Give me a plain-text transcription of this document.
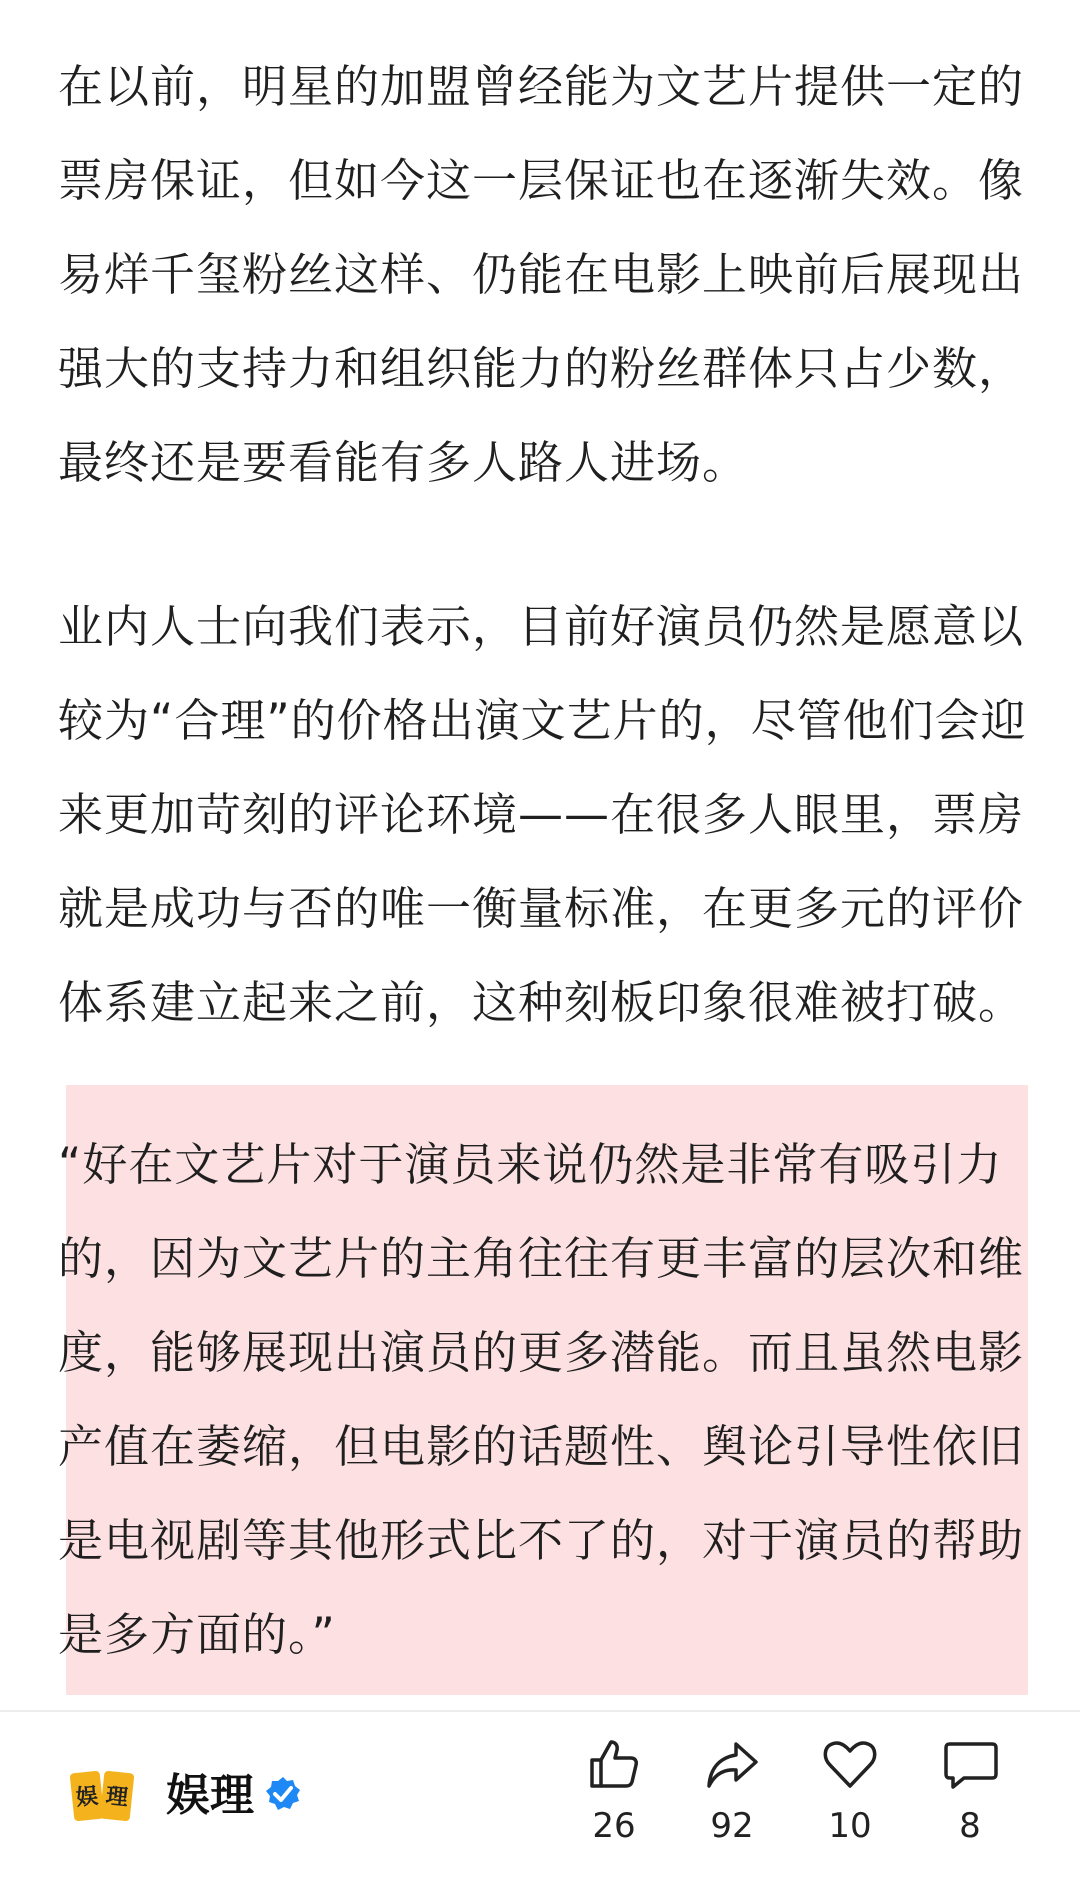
在以前，明星的加盟曾经能为文艺片提供一定的
票房保证，但如今这一层保证也在逐渐失效。像
易烊千玺粉丝这样、仍能在电影上映前后展现出
强大的支持力和组织能力的粉丝群体只占少数，
最终还是要看能有多人路人进场。

业内人士向我们表示，目前好演员仍然是愿意以
较为“合理”的价格出演文艺片的，尽管他们会迎
来更加苛刻的评论环境——在很多人眼里，票房
就是成功与否的唯一衡量标准，在更多元的评价
体系建立起来之前，这种刻板印象很难被打破。

“好在文艺片对于演员来说仍然是非常有吸引力
的，因为文艺片的主角往往有更丰富的层次和维
度，能够展现出演员的更多潜能。而且虽然电影
产值在萎缩，但电影的话题性、舆论引导性依旧
是电视剧等其他形式比不了的，对于演员的帮助
是多方面的。”

娱 理 娱理
26	92	10	8
